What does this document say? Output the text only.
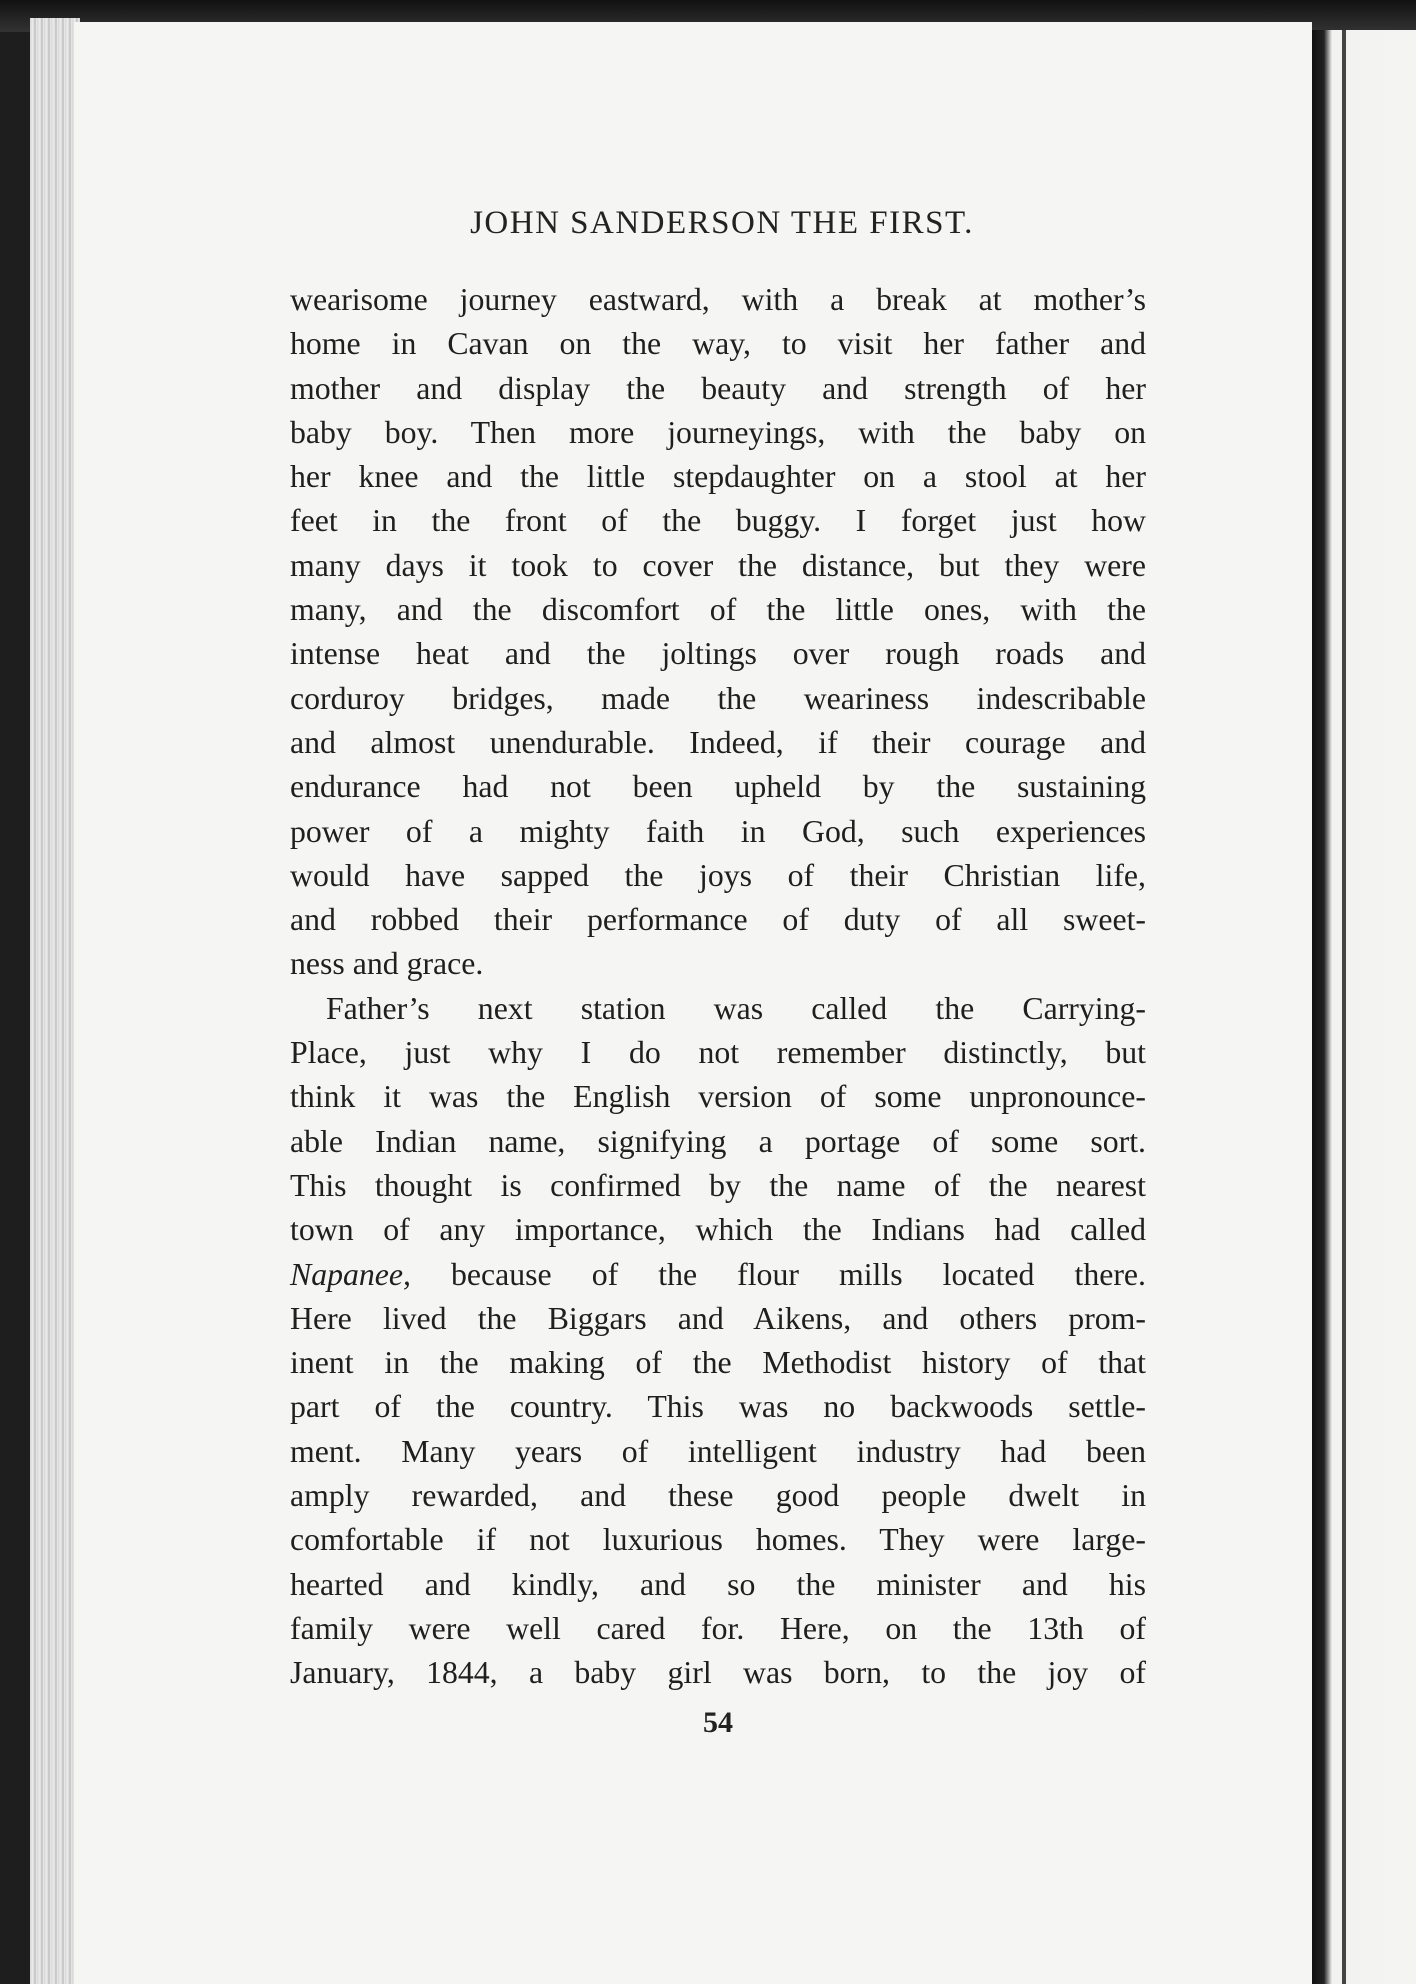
JOHN SANDERSON THE FIRST.
wearisome journey eastward, with a break at mother’s
home in Cavan on the way, to visit her father and
mother and display the beauty and strength of her
baby boy. Then more journeyings, with the baby on
her knee and the little stepdaughter on a stool at her
feet in the front of the buggy. I forget just how
many days it took to cover the distance, but they were
many, and the discomfort of the little ones, with the
intense heat and the joltings over rough roads and
corduroy bridges, made the weariness indescribable
and almost unendurable. Indeed, if their courage and
endurance had not been upheld by the sustaining
power of a mighty faith in God, such experiences
would have sapped the joys of their Christian life,
and robbed their performance of duty of all sweet-
ness and grace.
Father’s next station was called the Carrying-
Place, just why I do not remember distinctly, but
think it was the English version of some unpronounce-
able Indian name, signifying a portage of some sort.
This thought is confirmed by the name of the nearest
town of any importance, which the Indians had called
Napanee, because of the flour mills located there.
Here lived the Biggars and Aikens, and others prom-
inent in the making of the Methodist history of that
part of the country. This was no backwoods settle-
ment. Many years of intelligent industry had been
amply rewarded, and these good people dwelt in
comfortable if not luxurious homes. They were large-
hearted and kindly, and so the minister and his
family were well cared for. Here, on the 13th of
January, 1844, a baby girl was born, to the joy of
54
